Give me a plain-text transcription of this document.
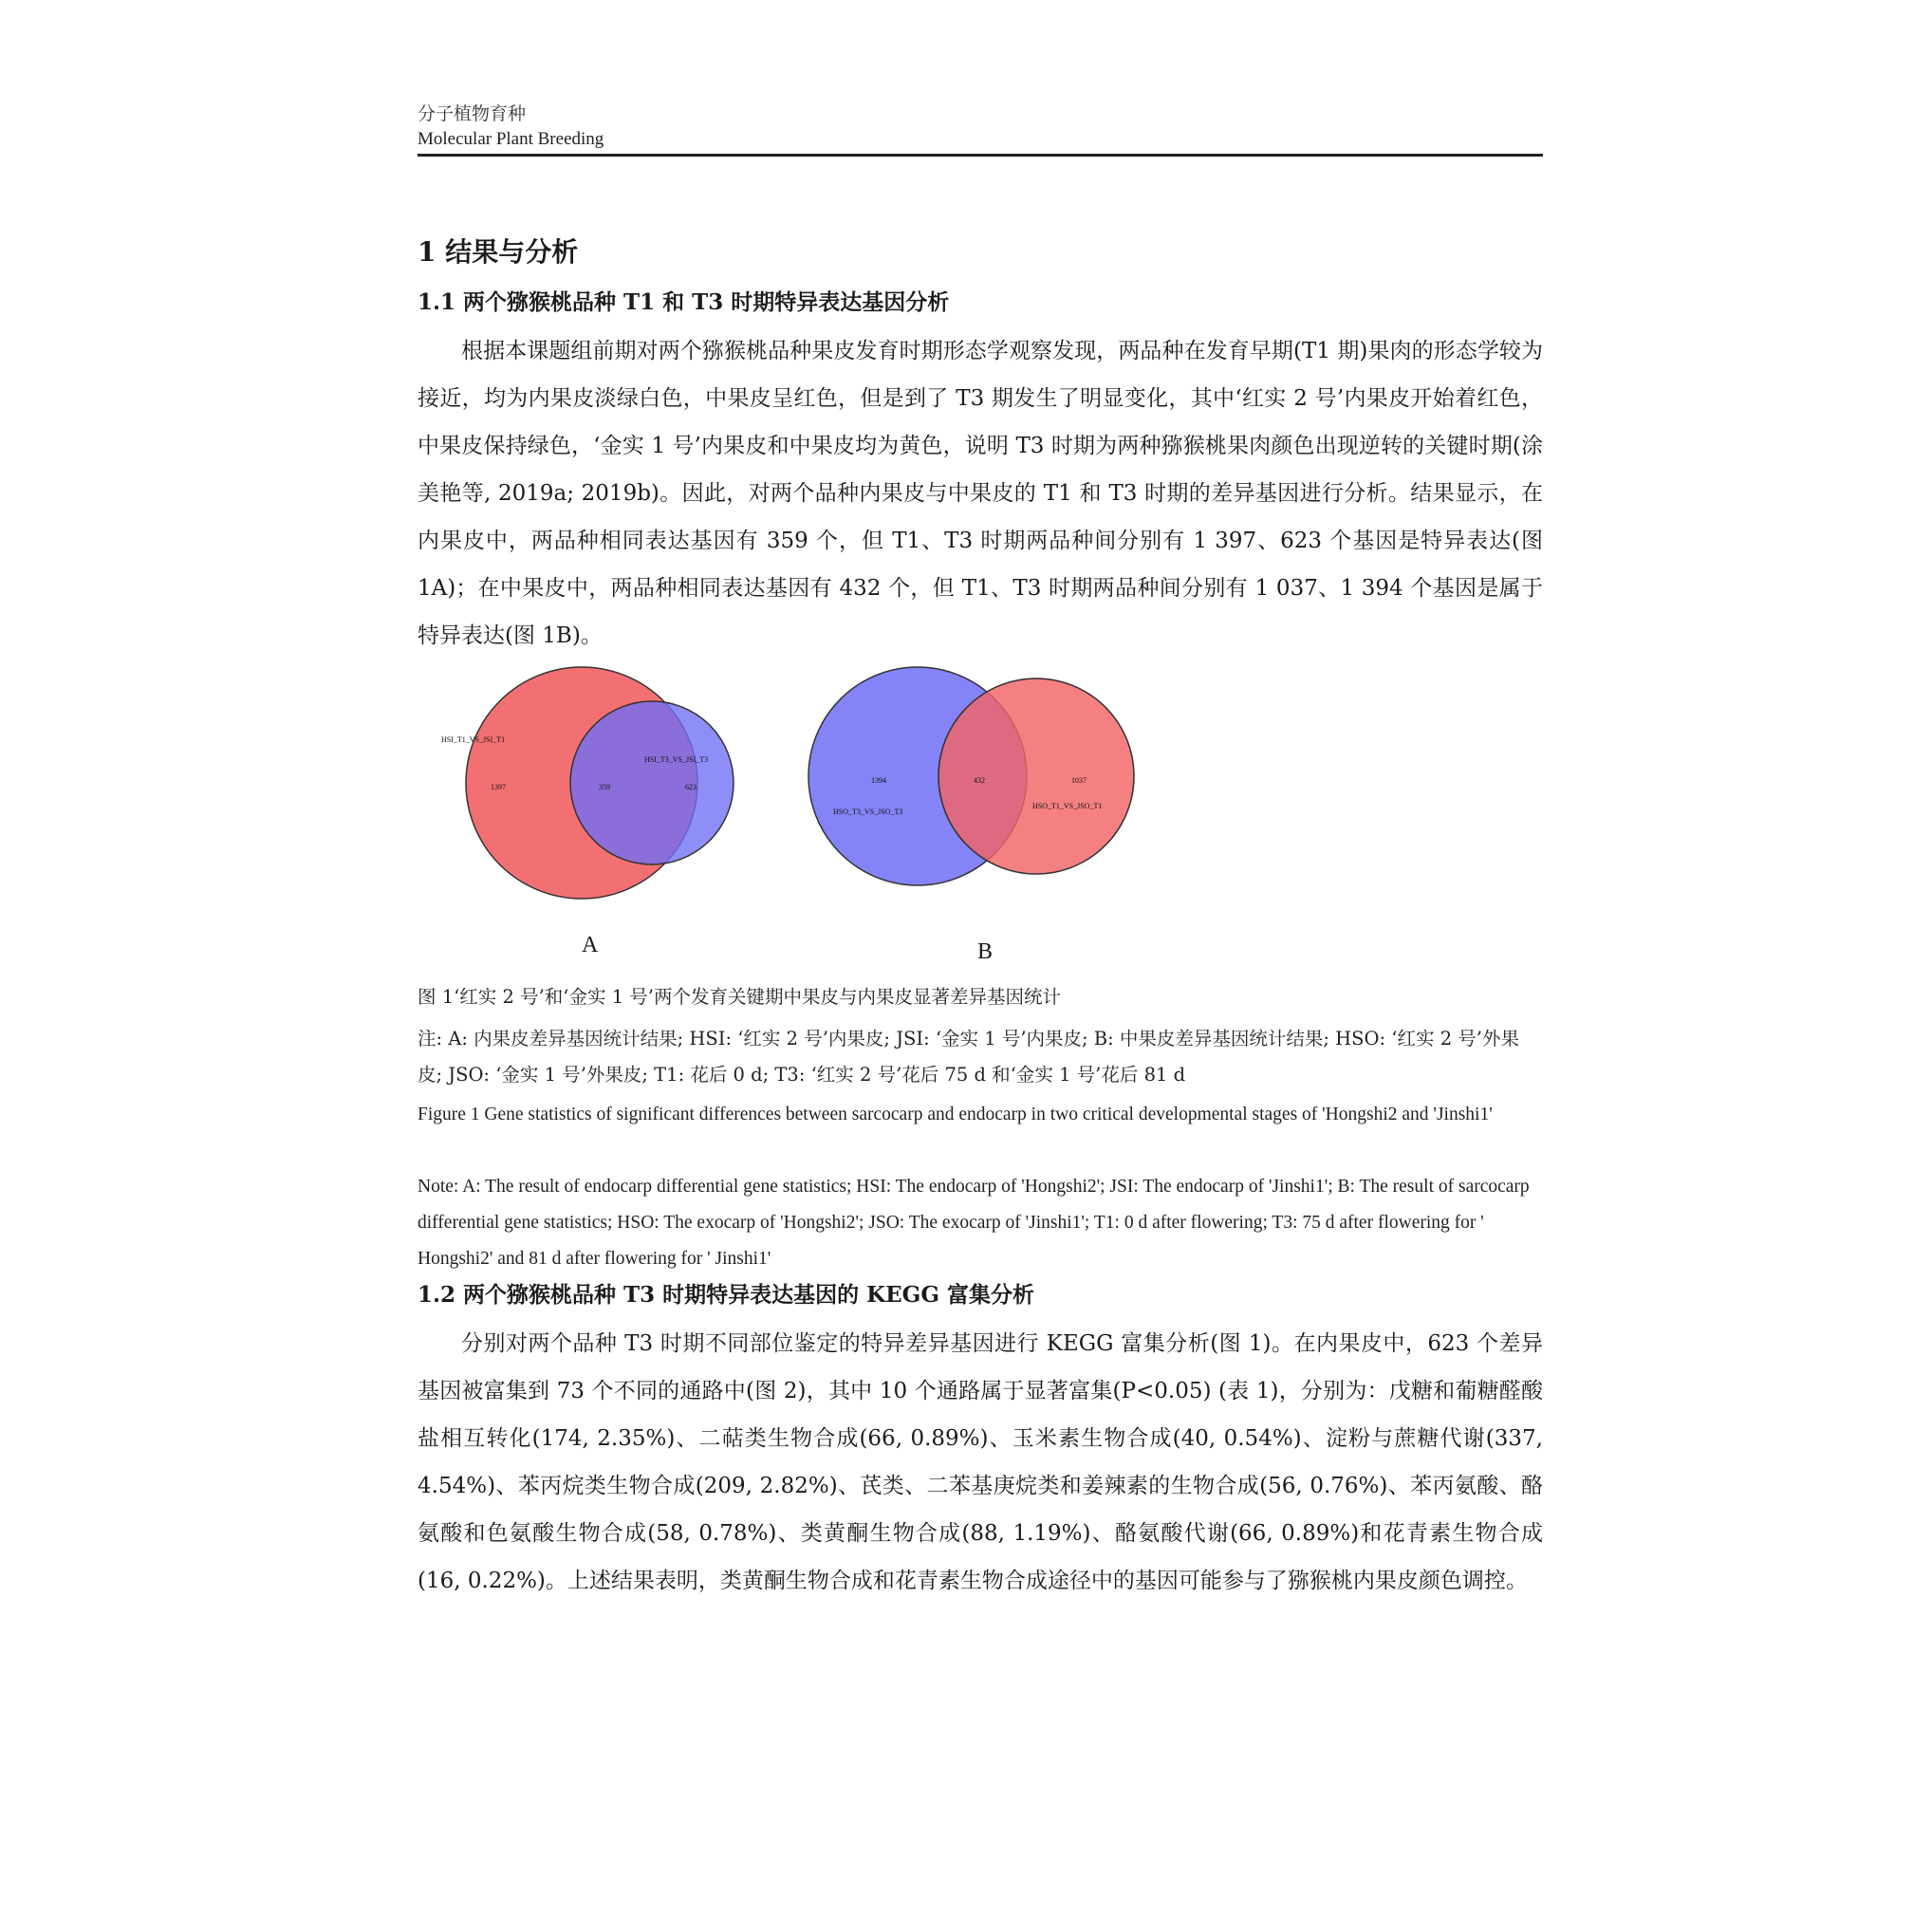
分子植物育种
Molecular Plant Breeding
1 结果与分析
1.1 两个猕猴桃品种 T1 和 T3 时期特异表达基因分析
根据本课题组前期对两个猕猴桃品种果皮发育时期形态学观察发现，两品种在发育早期(T1 期)果肉的形态学较为接近，均为内果皮淡绿白色，中果皮呈红色，但是到了 T3 期发生了明显变化，其中‘红实 2 号’内果皮开始着红色，中果皮保持绿色，‘金实 1 号’内果皮和中果皮均为黄色，说明 T3 时期为两种猕猴桃果肉颜色出现逆转的关键时期(涂美艳等, 2019a; 2019b)。因此，对两个品种内果皮与中果皮的 T1 和 T3 时期的差异基因进行分析。结果显示，在内果皮中，两品种相同表达基因有 359 个，但 T1、T3 时期两品种间分别有 1 397、623 个基因是特异表达(图 1A)；在中果皮中，两品种相同表达基因有 432 个，但 T1、T3 时期两品种间分别有 1 037、1 394 个基因是属于特异表达(图 1B)。
HSI_T1_VS_JSI_T1
HSI_T3_VS_JSI_T3
1397	359	623
1394
HSO_T3_VS_JSO_T3
432	1037
HSO_T1_VS_JSO_T1
A	B
图 1‘红实 2 号’和‘金实 1 号’两个发育关键期中果皮与内果皮显著差异基因统计
注: A: 内果皮差异基因统计结果; HSI: ‘红实 2 号’内果皮; JSI: ‘金实 1 号’内果皮; B: 中果皮差异基因统计结果; HSO: ‘红实 2 号’外果皮; JSO: ‘金实 1 号’外果皮; T1: 花后 0 d; T3: ‘红实 2 号’花后 75 d 和‘金实 1 号’花后 81 d
Figure 1 Gene statistics of significant differences between sarcocarp and endocarp in two critical developmental stages of 'Hongshi2 and 'Jinshi1'
Note: A: The result of endocarp differential gene statistics; HSI: The endocarp of 'Hongshi2'; JSI: The endocarp of 'Jinshi1'; B: The result of sarcocarp differential gene statistics; HSO: The exocarp of 'Hongshi2'; JSO: The exocarp of 'Jinshi1'; T1: 0 d after flowering; T3: 75 d after flowering for ' Hongshi2' and 81 d after flowering for ' Jinshi1'
1.2 两个猕猴桃品种 T3 时期特异表达基因的 KEGG 富集分析
分别对两个品种 T3 时期不同部位鉴定的特异差异基因进行 KEGG 富集分析(图 1)。在内果皮中，623 个差异基因被富集到 73 个不同的通路中(图 2)，其中 10 个通路属于显著富集(P<0.05) (表 1)，分别为：戊糖和葡糖醛酸盐相互转化(174, 2.35%)、二萜类生物合成(66, 0.89%)、玉米素生物合成(40, 0.54%)、淀粉与蔗糖代谢(337, 4.54%)、苯丙烷类生物合成(209, 2.82%)、芪类、二苯基庚烷类和姜辣素的生物合成(56, 0.76%)、苯丙氨酸、酪氨酸和色氨酸生物合成(58, 0.78%)、类黄酮生物合成(88, 1.19%)、酪氨酸代谢(66, 0.89%)和花青素生物合成(16, 0.22%)。上述结果表明，类黄酮生物合成和花青素生物合成途径中的基因可能参与了猕猴桃内果皮颜色调控。
